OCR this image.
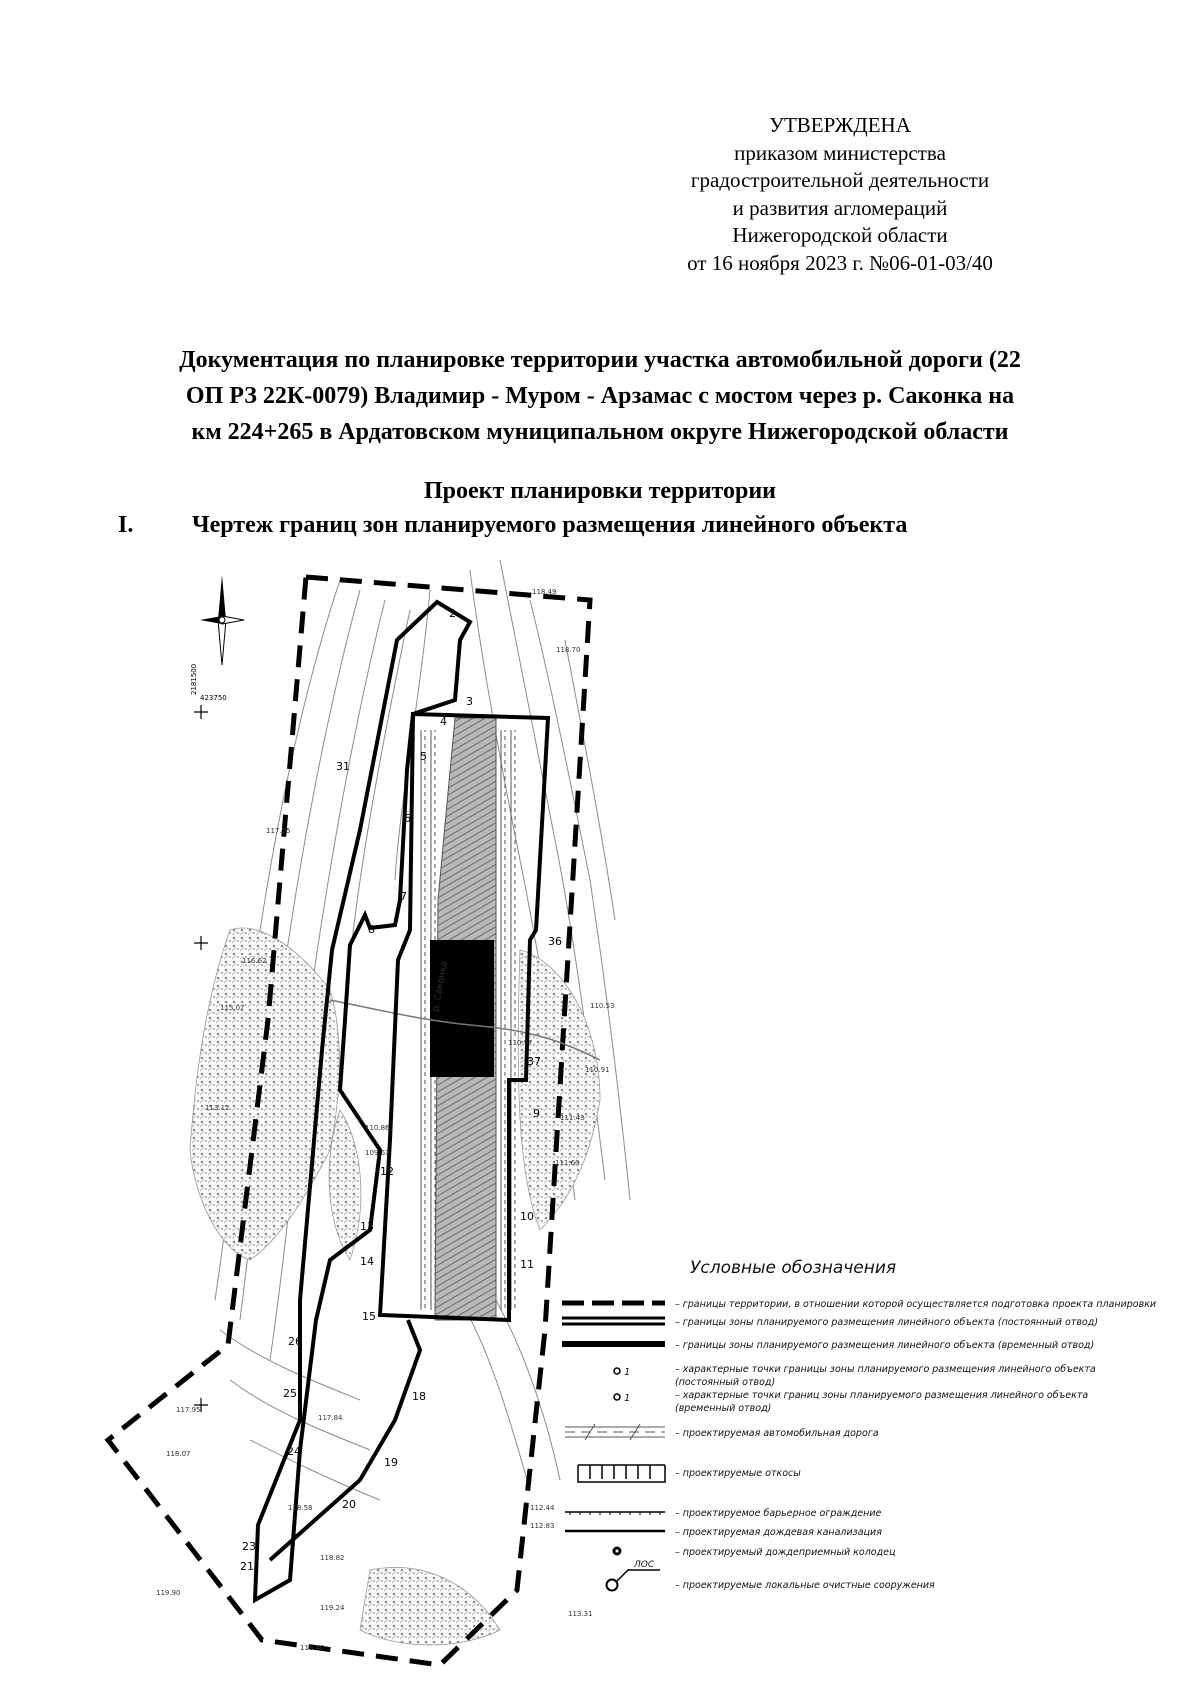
УТВЕРЖДЕНА
приказом министерства
градостроительной деятельности
и развития агломераций
Нижегородской области
от 16 ноября 2023 г. №06-01-03/40
Документация по планировке территории участка автомобильной дороги (22
ОП РЗ 22К-0079) Владимир - Муром - Арзамас с мостом через р. Саконка на
км 224+265 в Ардатовском муниципальном округе Нижегородской области
Проект планировки территории
I. Чертеж границ зон планируемого размещения линейного объекта
2181500
423750
р. Саконка
2
3
4
5
6
7
8
9
10
11
12
13
14
15
18
19
20
21
23
24
25
26
31
37
36
118.49
118.70
117.55
116.62
115.07
113.12
110.86
109.63
110.97
111.60
111.43
110.91
110.53
112.44
112.83
113.31
117.95
117.84
118.07
118.58
118.82
119.24
119.90
118.40
Условные обозначения
– границы территории, в отношении которой осуществляется подготовка проекта планировки
– границы зоны планируемого размещения линейного объекта (постоянный отвод)
– границы зоны планируемого размещения линейного объекта (временный отвод)
1	– характерные точки границы зоны планируемого размещения линейного объекта
(постоянный отвод)
1	– характерные точки границ зоны планируемого размещения линейного объекта
(временный отвод)
– проектируемая автомобильная дорога
– проектируемые откосы
– проектируемое барьерное ограждение
– проектируемая дождевая канализация
– проектируемый дождеприемный колодец
ЛОС
– проектируемые локальные очистные сооружения
